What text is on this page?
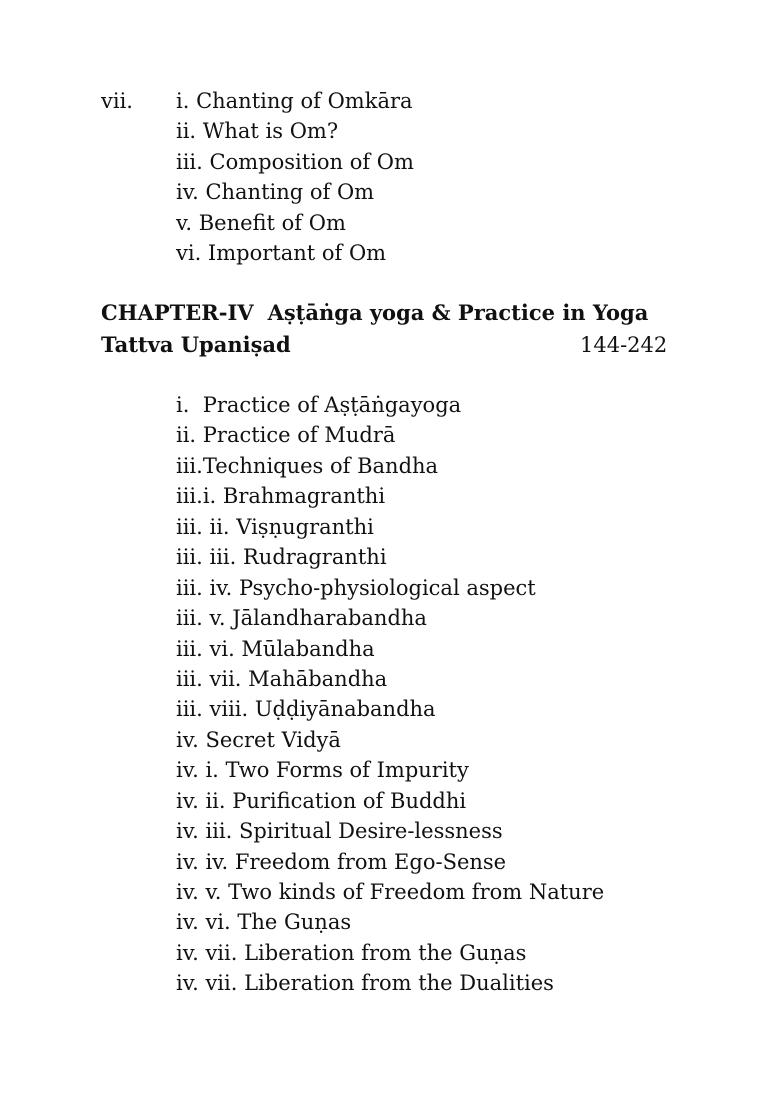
vii. i. Chanting of Omkāra
ii. What is Om?
iii. Composition of Om
iv. Chanting of Om
v. Benefit of Om
vi. Important of Om
CHAPTER-IV Aṣṭāṅga yoga & Practice in Yoga
Tattva Upaniṣad	144-242
i.  Practice of Aṣṭāṅgayoga
ii. Practice of Mudrā
iii.Techniques of Bandha
iii.i. Brahmagranthi
iii. ii. Viṣṇugranthi
iii. iii. Rudragranthi
iii. iv. Psycho-physiological aspect
iii. v. Jālandharabandha
iii. vi. Mūlabandha
iii. vii. Mahābandha
iii. viii. Uḍḍiyānabandha
iv. Secret Vidyā
iv. i. Two Forms of Impurity
iv. ii. Purification of Buddhi
iv. iii. Spiritual Desire-lessness
iv. iv. Freedom from Ego-Sense
iv. v. Two kinds of Freedom from Nature
iv. vi. The Guṇas
iv. vii. Liberation from the Guṇas
iv. vii. Liberation from the Dualities
